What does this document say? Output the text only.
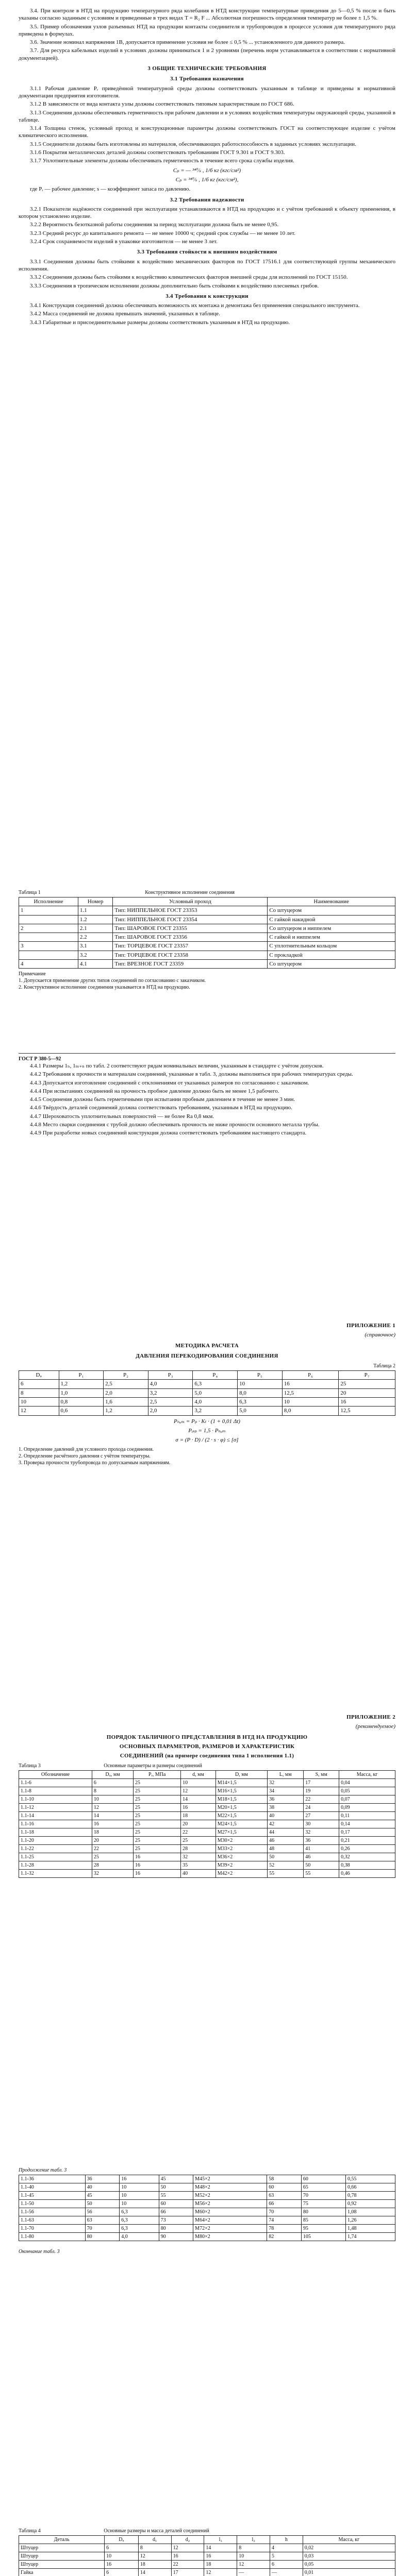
3.4. При контроле в НТД на продукцию температурного ряда колебания в НТД конструкции температурные приведения до 5—0,5 % после и быть указаны согласно заданным с условиям и приведенные в трех видах Т = R₂ F ... Абсолютная погрешность определения температур не более ± 1,5 %.

3.5. Пример обозначения узлов разъемных НТД на продукции контакты соединителя и трубопроводов в процессе условия для температурного ряда приведена в формулах.

3.6. Значение номинал напряжения 1B, допускается применение условия не более ≤ 0,5 % ... установленного для данного размера.

3.7. Для ресурса кабельных изделий в условиях должны приниматься 1 и 2 уровнями (перечень норм устанавливается в соответствии с нормативной документацией).

3 ОБЩИЕ ТЕХНИЧЕСКИЕ ТРЕБОВАНИЯ
3.1 Требования назначения

3.1.1 Рабочая давление Pᵣ приведённой температурной среды должны соответствовать указанным в таблице и приведены в нормативной документации предприятия изготовителя.

3.1.2 В зависимости от вида контакта узлы должны соответствовать типовым характеристикам по ГОСТ 686.

3.1.3 Соединения должны обеспечивать герметичность при рабочем давлении и в условиях воздействия температуры окружающей среды, указанной в таблице.

3.1.4 Толщина стенок, условный проход и конструкционные параметры должны соответствовать ГОСТ на соответствующее изделие с учётом климатического исполнения.

3.1.5 Соединители должны быть изготовлены из материалов, обеспечивающих работоспособность в заданных условиях эксплуатации.

3.1.6 Покрытия металлических деталей должны соответствовать требованиям ГОСТ 9.301 и ГОСТ 9.303.

3.1.7 Уплотнительные элементы должны обеспечивать герметичность в течение всего срока службы изделия.

Cₚ = — ³⁴⁰⁄ₛ , 1/б кг (кгс/см²)
Cₚ = ³⁴⁰⁄ₛ , 1/б кг (кгс/см²),
где Pᵣ — рабочее давление; s — коэффициент запаса по давлению.
3.2 Требования надежности

3.2.1 Показатели надёжности соединений при эксплуатации устанавливаются в НТД на продукцию и с учётом требований к объекту применения, в котором установлено изделие.

3.2.2 Вероятность безотказной работы соединения за период эксплуатации должна быть не менее 0,95.

3.2.3 Средний ресурс до капитального ремонта — не менее 10000 ч; средний срок службы — не менее 10 лет.

3.2.4 Срок сохраняемости изделий в упаковке изготовителя — не менее 3 лет.

3.3 Требования стойкости к внешним воздействиям

3.3.1 Соединения должны быть стойкими к воздействию механических факторов по ГОСТ 17516.1 для соответствующей группы механического исполнения.

3.3.2 Соединения должны быть стойкими к воздействию климатических факторов внешней среды для исполнений по ГОСТ 15150.

3.3.3 Соединения в тропическом исполнении должны дополнительно быть стойкими к воздействию плесневых грибов.

3.4 Требования к конструкции

3.4.1 Конструкция соединений должна обеспечивать возможность их монтажа и демонтажа без применения специального инструмента.

3.4.2 Масса соединений не должна превышать значений, указанных в таблице.

3.4.3 Габаритные и присоединительные размеры должны соответствовать указанным в НТД на продукцию.

Таблица 1	Конструктивное исполнение соединения
Исполнение	Номер	Условный проход	Наименование
1	1.1	Тип: НИППЕЛЬНОЕ ГОСТ 23353	Со штуцером
	1.2	Тип: НИППЕЛЬНОЕ ГОСТ 23354	С гайкой накидной
2	2.1	Тип: ШАРОВОЕ ГОСТ 23355	Со штуцером и ниппелем
	2.2	Тип: ШАРОВОЕ ГОСТ 23356	С гайкой и ниппелем
3	3.1	Тип: ТОРЦЕВОЕ ГОСТ 23357	С уплотнительным кольцом
	3.2	Тип: ТОРЦЕВОЕ ГОСТ 23358	С прокладкой
4	4.1	Тип: ВРЕЗНОЕ ГОСТ 23359	Со штуцером
Примечание
1. Допускается применение других типов соединений по согласованию с заказчиком.
2. Конструктивное исполнение соединения указывается в НТД на продукцию.
ГОСТ Р 380-5—92

4.4.1 Размеры 1ₙ, 1ₘ₊ₙ по табл. 2 соответствуют рядам номинальных величин, указанным в стандарте с учётом допусков.

4.4.2 Требования к прочности и материалам соединений, указанные в табл. 3, должны выполняться при рабочих температурах среды.

4.4.3 Допускается изготовление соединений с отклонениями от указанных размеров по согласованию с заказчиком.

4.4.4 При испытаниях соединений на прочность пробное давление должно быть не менее 1,5 рабочего.

4.4.5 Соединения должны быть герметичными при испытании пробным давлением в течение не менее 3 мин.

4.4.6 Твёрдость деталей соединений должна соответствовать требованиям, указанным в НТД на продукцию.

4.4.7 Шероховатость уплотнительных поверхностей — не более Ra 0,8 мкм.

4.4.8 Место сварки соединения с трубой должно обеспечивать прочность не ниже прочности основного металла трубы.

4.4.9 При разработке новых соединений конструкция должна соответствовать требованиям настоящего стандарта.

ПРИЛОЖЕНИЕ 1
(справочное)
МЕТОДИКА РАСЧЕТА
ДАВЛЕНИЯ ПЕРЕКОДИРОВАНИЯ СОЕДИНЕНИЯ
Таблица 2
Dᵤ	P₁	P₂	P₃	P₄	P₅	P₆	P₇
6	1,2	2,5	4,0	6,3	10	16	25
8	1,0	2,0	3,2	5,0	8,0	12,5	20
10	0,8	1,6	2,5	4,0	6,3	10	16
12	0,6	1,2	2,0	3,2	5,0	8,0	12,5
Pₙₒₘ = Pₚ · Kₜ · (1 + 0,01 Δt)
Pᵢₛₚ = 1,5 · Pₙₒₘ
σ = (P · D) / (2 · s · φ) ≤ [σ]
1. Определение давлений для условного прохода соединения.
2. Определение расчётного давления с учётом температуры.
3. Проверка прочности трубопровода по допускаемым напряжениям.
ПРИЛОЖЕНИЕ 2
(рекомендуемое)
ПОРЯДОК ТАБЛИЧНОГО ПРЕДСТАВЛЕНИЯ В НТД НА ПРОДУКЦИЮ
ОСНОВНЫХ ПАРАМЕТРОВ, РАЗМЕРОВ И ХАРАКТЕРИСТИК
СОЕДИНЕНИЙ (на примере соединения типа 1 исполнения 1.1)
Таблица 3	Основные параметры и размеры соединений
Обозначение	Dᵤ, мм	Pᵣ, МПа	d, мм	D, мм	L, мм	S, мм	Масса, кг
1.1-6	6	25	10	M14×1,5	32	17	0,04
1.1-8	8	25	12	M16×1,5	34	19	0,05
1.1-10	10	25	14	M18×1,5	36	22	0,07
1.1-12	12	25	16	M20×1,5	38	24	0,09
1.1-14	14	25	18	M22×1,5	40	27	0,11
1.1-16	16	25	20	M24×1,5	42	30	0,14
1.1-18	18	25	22	M27×1,5	44	32	0,17
1.1-20	20	25	25	M30×2	46	36	0,21
1.1-22	22	25	28	M33×2	48	41	0,26
1.1-25	25	16	32	M36×2	50	46	0,32
1.1-28	28	16	35	M39×2	52	50	0,38
1.1-32	32	16	40	M42×2	55	55	0,46
Продолжение табл. 3
1.1-36	36	16	45	M45×2	58	60	0,55
1.1-40	40	10	50	M48×2	60	65	0,66
1.1-45	45	10	55	M52×2	63	70	0,78
1.1-50	50	10	60	M56×2	66	75	0,92
1.1-56	56	6,3	66	M60×2	70	80	1,08
1.1-63	63	6,3	73	M64×2	74	85	1,26
1.1-70	70	6,3	80	M72×2	78	95	1,48
1.1-80	80	4,0	90	M80×2	82	105	1,74
Окончание табл. 3
Таблица 4	Основные размеры и масса деталей соединений
Деталь	Dᵤ	d₁	d₂	l₁	l₂	h	Масса, кг
Штуцер	6	8	12	14	8	4	0,02
Штуцер	10	12	16	16	10	5	0,03
Штуцер	16	18	22	18	12	6	0,05
Гайка	6	14	17	12	—	—	0,01
